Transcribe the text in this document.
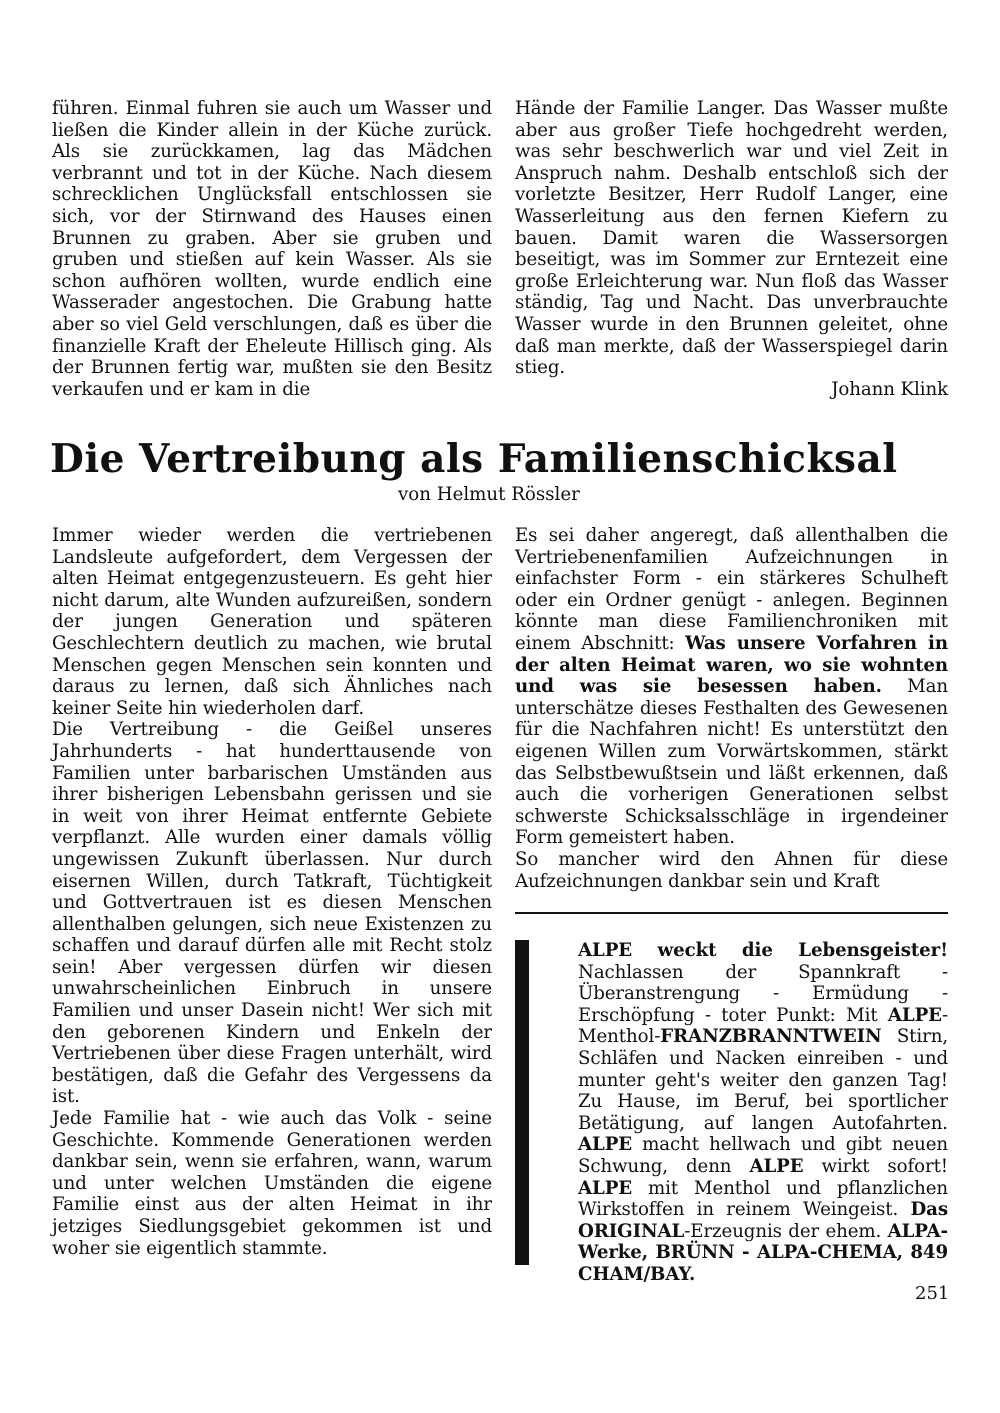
führen. Einmal fuhren sie auch um Wasser und ließen die Kinder allein in der Küche zurück. Als sie zurückkamen, lag das Mädchen verbrannt und tot in der Küche. Nach diesem schrecklichen Unglücksfall entschlossen sie sich, vor der Stirnwand des Hauses einen Brunnen zu graben. Aber sie gruben und gruben und stießen auf kein Wasser. Als sie schon aufhören wollten, wurde endlich eine Wasserader angestochen. Die Grabung hatte aber so viel Geld verschlungen, daß es über die finanzielle Kraft der Eheleute Hillisch ging. Als der Brunnen fertig war, mußten sie den Besitz verkaufen und er kam in die

Hände der Familie Langer. Das Wasser mußte aber aus großer Tiefe hochgedreht werden, was sehr beschwerlich war und viel Zeit in Anspruch nahm. Deshalb entschloß sich der vorletzte Besitzer, Herr Rudolf Langer, eine Wasserleitung aus den fernen Kiefern zu bauen. Damit waren die Wassersorgen beseitigt, was im Sommer zur Erntezeit eine große Erleichterung war. Nun floß das Wasser ständig, Tag und Nacht. Das unverbrauchte Wasser wurde in den Brunnen geleitet, ohne daß man merkte, daß der Wasserspiegel darin stieg.

Johann Klink

Die Vertreibung als Familienschicksal

von Helmut Rössler

Immer wieder werden die vertriebenen Landsleute aufgefordert, dem Vergessen der alten Heimat entgegenzusteuern. Es geht hier nicht darum, alte Wunden aufzureißen, sondern der jungen Generation und späteren Geschlechtern deutlich zu machen, wie brutal Menschen gegen Menschen sein konnten und daraus zu lernen, daß sich Ähnliches nach keiner Seite hin wiederholen darf.

Die Vertreibung - die Geißel unseres Jahrhunderts - hat hunderttausende von Familien unter barbarischen Umständen aus ihrer bisherigen Lebensbahn gerissen und sie in weit von ihrer Heimat entfernte Gebiete verpflanzt. Alle wurden einer damals völlig ungewissen Zukunft überlassen. Nur durch eisernen Willen, durch Tatkraft, Tüchtigkeit und Gottvertrauen ist es diesen Menschen allenthalben gelungen, sich neue Existenzen zu schaffen und darauf dürfen alle mit Recht stolz sein! Aber vergessen dürfen wir diesen unwahrscheinlichen Einbruch in unsere Familien und unser Dasein nicht! Wer sich mit den geborenen Kindern und Enkeln der Vertriebenen über diese Fragen unterhält, wird bestätigen, daß die Gefahr des Vergessens da ist.

Jede Familie hat - wie auch das Volk - seine Geschichte. Kommende Generationen werden dankbar sein, wenn sie erfahren, wann, warum und unter welchen Umständen die eigene Familie einst aus der alten Heimat in ihr jetziges Siedlungsgebiet gekommen ist und woher sie eigentlich stammte.

Es sei daher angeregt, daß allenthalben die Vertriebenenfamilien Aufzeichnungen in einfachster Form - ein stärkeres Schulheft oder ein Ordner genügt - anlegen. Beginnen könnte man diese Familienchroniken mit einem Abschnitt: Was unsere Vorfahren in der alten Heimat waren, wo sie wohnten und was sie besessen haben. Man unterschätze dieses Festhalten des Gewesenen für die Nachfahren nicht! Es unterstützt den eigenen Willen zum Vorwärtskommen, stärkt das Selbstbewußtsein und läßt erkennen, daß auch die vorherigen Generationen selbst schwerste Schicksalsschläge in irgendeiner Form gemeistert haben.

So mancher wird den Ahnen für diese Aufzeichnungen dankbar sein und Kraft

ALPE weckt die Lebensgeister! Nachlassen der Spannkraft - Überanstrengung - Ermüdung - Erschöpfung - toter Punkt: Mit ALPE-Menthol-FRANZBRANNTWEIN Stirn, Schläfen und Nacken einreiben - und munter geht's weiter den ganzen Tag! Zu Hause, im Beruf, bei sportlicher Betätigung, auf langen Autofahrten. ALPE macht hellwach und gibt neuen Schwung, denn ALPE wirkt sofort! ALPE mit Menthol und pflanzlichen Wirkstoffen in reinem Weingeist. Das ORIGINAL-Erzeugnis der ehem. ALPA-Werke, BRÜNN - ALPA-CHEMA, 849 CHAM/BAY.

251
